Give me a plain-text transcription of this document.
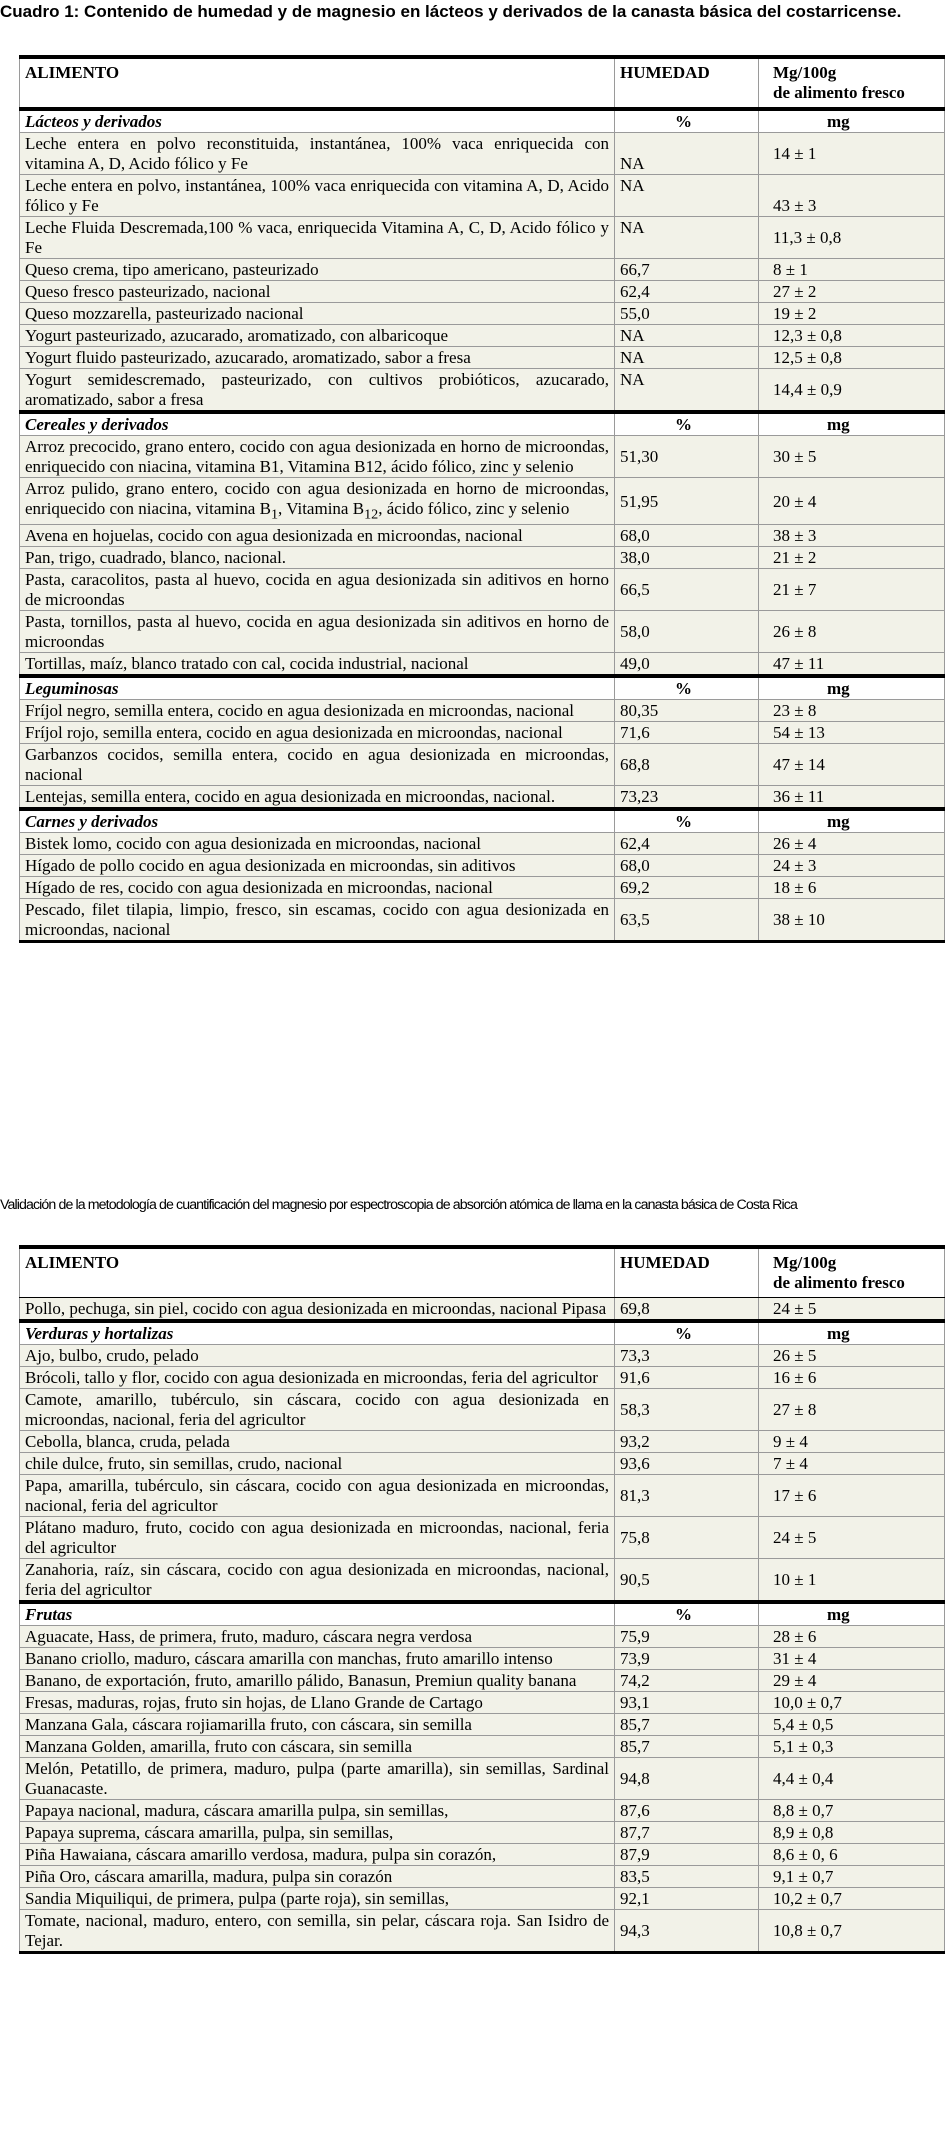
Cuadro 1: Contenido de humedad y de magnesio en lácteos y derivados de la canasta básica del costarricense.
ALIMENTO	HUMEDAD	Mg/100g
de alimento fresco
Lácteos y derivados	%	mg
Leche entera en polvo reconstituida, instantánea, 100% vaca enriquecida con vitamina A, D, Acido fólico y Fe	NA	14 ± 1
Leche entera en polvo, instantánea, 100% vaca enriquecida con vitamina A, D, Acido fólico y Fe	NA	43 ± 3
Leche Fluida Descremada,100 % vaca, enriquecida Vitamina A, C, D, Acido fólico y Fe	NA	11,3 ± 0,8
Queso crema, tipo americano, pasteurizado	66,7	8 ± 1
Queso fresco pasteurizado, nacional	62,4	27 ± 2
Queso mozzarella, pasteurizado nacional	55,0	19 ± 2
Yogurt pasteurizado, azucarado, aromatizado, con albaricoque	NA	12,3 ± 0,8
Yogurt fluido pasteurizado, azucarado, aromatizado, sabor a fresa	NA	12,5 ± 0,8
Yogurt semidescremado, pasteurizado, con cultivos probióticos, azucarado, aromatizado, sabor a fresa	NA	14,4 ± 0,9
Cereales y derivados	%	mg
Arroz precocido, grano entero, cocido con agua desionizada en horno de microondas, enriquecido con niacina, vitamina B1, Vitamina B12, ácido fólico, zinc y selenio	51,30	30 ± 5
Arroz pulido, grano entero, cocido con agua desionizada en horno de microondas, enriquecido con niacina, vitamina $B_1$, Vitamina $B_{12}$, ácido fólico, zinc y selenio	51,95	20 ± 4
Avena en hojuelas, cocido con agua desionizada en microondas, nacional	68,0	38 ± 3
Pan, trigo, cuadrado, blanco, nacional.	38,0	21 ± 2
Pasta, caracolitos, pasta al huevo, cocida en agua desionizada sin aditivos en horno de microondas	66,5	21 ± 7
Pasta, tornillos, pasta al huevo, cocida en agua desionizada sin aditivos en horno de microondas	58,0	26 ± 8
Tortillas, maíz, blanco tratado con cal, cocida industrial, nacional	49,0	47 ± 11
Leguminosas	%	mg
Fríjol negro, semilla entera, cocido en agua desionizada en microondas, nacional	80,35	23 ± 8
Fríjol rojo, semilla entera, cocido en agua desionizada en microondas, nacional	71,6	54 ± 13
Garbanzos cocidos, semilla entera, cocido en agua desionizada en microondas, nacional	68,8	47 ± 14
Lentejas, semilla entera, cocido en agua desionizada en microondas, nacional.	73,23	36 ± 11
Carnes y derivados	%	mg
Bistek lomo, cocido con agua desionizada en microondas, nacional	62,4	26 ± 4
Hígado de pollo cocido en agua desionizada en microondas, sin aditivos	68,0	24 ± 3
Hígado de res, cocido con agua desionizada en microondas, nacional	69,2	18 ± 6
Pescado, filet tilapia, limpio, fresco, sin escamas, cocido con agua desionizada en microondas, nacional	63,5	38 ± 10
Validación de la metodología de cuantificación del magnesio por espectroscopia de absorción atómica de llama en la canasta básica de Costa Rica
ALIMENTO	HUMEDAD	Mg/100g
de alimento fresco
Pollo, pechuga, sin piel, cocido con agua desionizada en microondas, nacional Pipasa	69,8	24 ± 5
Verduras y hortalizas	%	mg
Ajo, bulbo, crudo, pelado	73,3	26 ± 5
Brócoli, tallo y flor, cocido con agua desionizada en microondas, feria del agricultor	91,6	16 ± 6
Camote, amarillo, tubérculo, sin cáscara, cocido con agua desionizada en microondas, nacional, feria del agricultor	58,3	27 ± 8
Cebolla, blanca, cruda, pelada	93,2	9 ± 4
chile dulce, fruto, sin semillas, crudo, nacional	93,6	7 ± 4
Papa, amarilla, tubérculo, sin cáscara, cocido con agua desionizada en microondas, nacional, feria del agricultor	81,3	17 ± 6
Plátano maduro, fruto, cocido con agua desionizada en microondas, nacional, feria del agricultor	75,8	24 ± 5
Zanahoria, raíz, sin cáscara, cocido con agua desionizada en microondas, nacional, feria del agricultor	90,5	10 ± 1
Frutas	%	mg
Aguacate, Hass, de primera, fruto, maduro, cáscara negra verdosa	75,9	28 ± 6
Banano criollo, maduro, cáscara amarilla con manchas, fruto amarillo intenso	73,9	31 ± 4
Banano, de exportación, fruto, amarillo pálido, Banasun, Premiun quality banana	74,2	29 ± 4
Fresas, maduras, rojas, fruto sin hojas, de Llano Grande de Cartago	93,1	10,0 ± 0,7
Manzana Gala, cáscara rojiamarilla fruto, con cáscara, sin semilla	85,7	5,4 ± 0,5
Manzana Golden, amarilla, fruto con cáscara, sin semilla	85,7	5,1 ± 0,3
Melón, Petatillo, de primera, maduro, pulpa (parte amarilla), sin semillas, Sardinal Guanacaste.	94,8	4,4 ± 0,4
Papaya nacional, madura, cáscara amarilla pulpa, sin semillas,	87,6	8,8 ± 0,7
Papaya suprema, cáscara amarilla, pulpa, sin semillas,	87,7	8,9 ± 0,8
Piña Hawaiana, cáscara amarillo verdosa, madura, pulpa sin corazón,	87,9	8,6 ± 0, 6
Piña Oro, cáscara amarilla, madura, pulpa sin corazón	83,5	9,1 ± 0,7
Sandia Miquiliqui, de primera, pulpa (parte roja), sin semillas,	92,1	10,2 ± 0,7
Tomate, nacional, maduro, entero, con semilla, sin pelar, cáscara roja. San Isidro de Tejar.	94,3	10,8 ± 0,7
